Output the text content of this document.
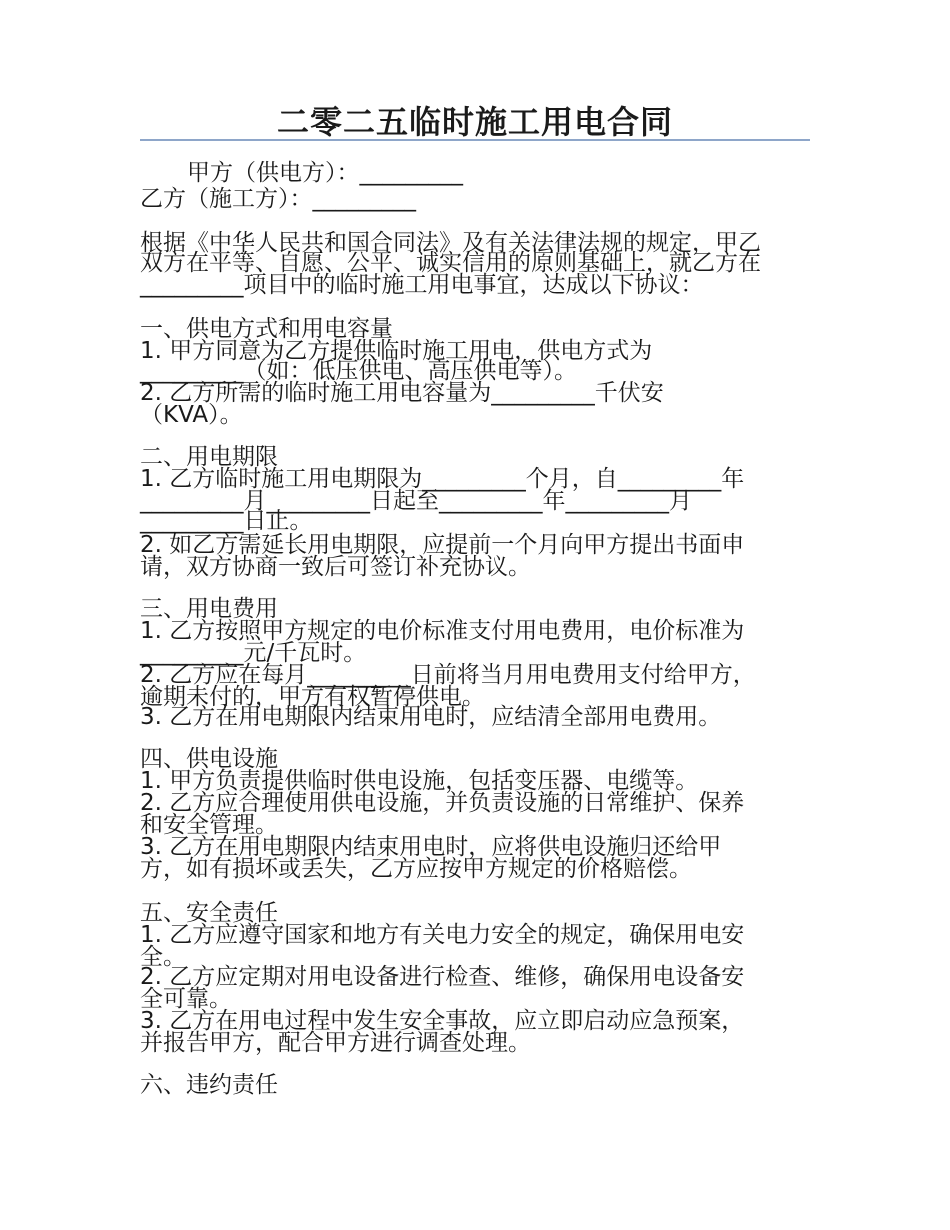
二零二五临时施工用电合同

甲方（供电方）：_________

乙方（施工方）：_________

根据《中华人民共和国合同法》及有关法律法规的规定，甲乙

双方在平等、自愿、公平、诚实信用的原则基础上，就乙方在

_________项目中的临时施工用电事宜，达成以下协议：

一、供电方式和用电容量

1. 甲方同意为乙方提供临时施工用电，供电方式为

_________（如：低压供电、高压供电等）。

2. 乙方所需的临时施工用电容量为_________千伏安

（KVA）。

二、用电期限

1. 乙方临时施工用电期限为_________个月，自_________年

_________月_________日起至_________年_________月

_________日止。

2. 如乙方需延长用电期限，应提前一个月向甲方提出书面申

请，双方协商一致后可签订补充协议。

三、用电费用

1. 乙方按照甲方规定的电价标准支付用电费用，电价标准为

_________元/千瓦时。

2. 乙方应在每月_________日前将当月用电费用支付给甲方，

逾期未付的，甲方有权暂停供电。

3. 乙方在用电期限内结束用电时，应结清全部用电费用。

四、供电设施

1. 甲方负责提供临时供电设施，包括变压器、电缆等。

2. 乙方应合理使用供电设施，并负责设施的日常维护、保养

和安全管理。

3. 乙方在用电期限内结束用电时，应将供电设施归还给甲

方，如有损坏或丢失，乙方应按甲方规定的价格赔偿。

五、安全责任

1. 乙方应遵守国家和地方有关电力安全的规定，确保用电安

全。

2. 乙方应定期对用电设备进行检查、维修，确保用电设备安

全可靠。

3. 乙方在用电过程中发生安全事故，应立即启动应急预案，

并报告甲方，配合甲方进行调查处理。

六、违约责任
